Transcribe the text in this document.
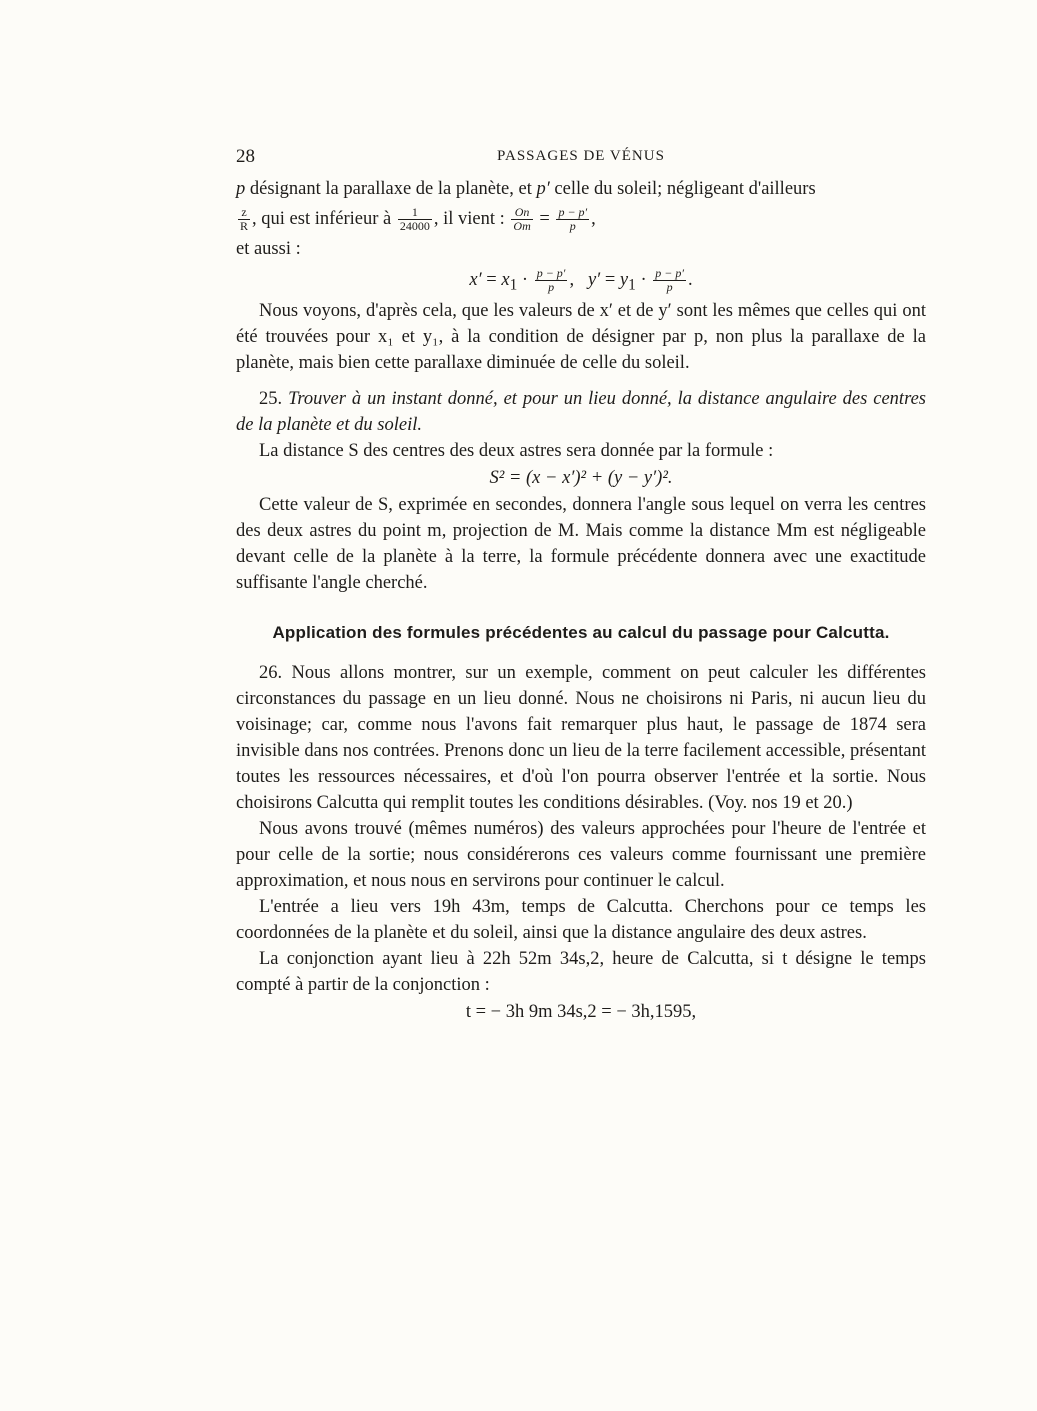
28	PASSAGES DE VÉNUS

p désignant la parallaxe de la planète, et p′ celle du soleil; négligeant d'ailleurs

$\frac{z}{R}$ , qui est inférieur à $\frac{1}{24000}$ , il vient : $\frac{On}{Om} = \frac{p - p'}{p}$ ,

et aussi :

$x' = x_1 \cdot \frac{p - p'}{p}$ ,   $y' = y_1 \cdot \frac{p - p'}{p}$ .

Nous voyons, d'après cela, que les valeurs de x′ et de y′ sont les mêmes que celles qui ont été trouvées pour x₁ et y₁, à la condition de désigner par p, non plus la parallaxe de la planète, mais bien cette parallaxe diminuée de celle du soleil.

25. Trouver à un instant donné, et pour un lieu donné, la distance angulaire des centres de la planète et du soleil.

La distance S des centres des deux astres sera donnée par la formule :

S² = (x − x′)² + (y − y′)².

Cette valeur de S, exprimée en secondes, donnera l'angle sous lequel on verra les centres des deux astres du point m, projection de M. Mais comme la distance Mm est négligeable devant celle de la planète à la terre, la formule précédente donnera avec une exactitude suffisante l'angle cherché.

Application des formules précédentes au calcul du passage pour Calcutta.

26. Nous allons montrer, sur un exemple, comment on peut calculer les différentes circonstances du passage en un lieu donné. Nous ne choisirons ni Paris, ni aucun lieu du voisinage; car, comme nous l'avons fait remarquer plus haut, le passage de 1874 sera invisible dans nos contrées. Prenons donc un lieu de la terre facilement accessible, présentant toutes les ressources nécessaires, et d'où l'on pourra observer l'entrée et la sortie. Nous choisirons Calcutta qui remplit toutes les conditions désirables. (Voy. nos 19 et 20.)

Nous avons trouvé (mêmes numéros) des valeurs approchées pour l'heure de l'entrée et pour celle de la sortie; nous considérerons ces valeurs comme fournissant une première approximation, et nous nous en servirons pour continuer le calcul.

L'entrée a lieu vers 19h 43m, temps de Calcutta. Cherchons pour ce temps les coordonnées de la planète et du soleil, ainsi que la distance angulaire des deux astres.

La conjonction ayant lieu à 22h 52m 34s,2, heure de Calcutta, si t désigne le temps compté à partir de la conjonction :

t = − 3h 9m 34s,2 = − 3h,1595,
